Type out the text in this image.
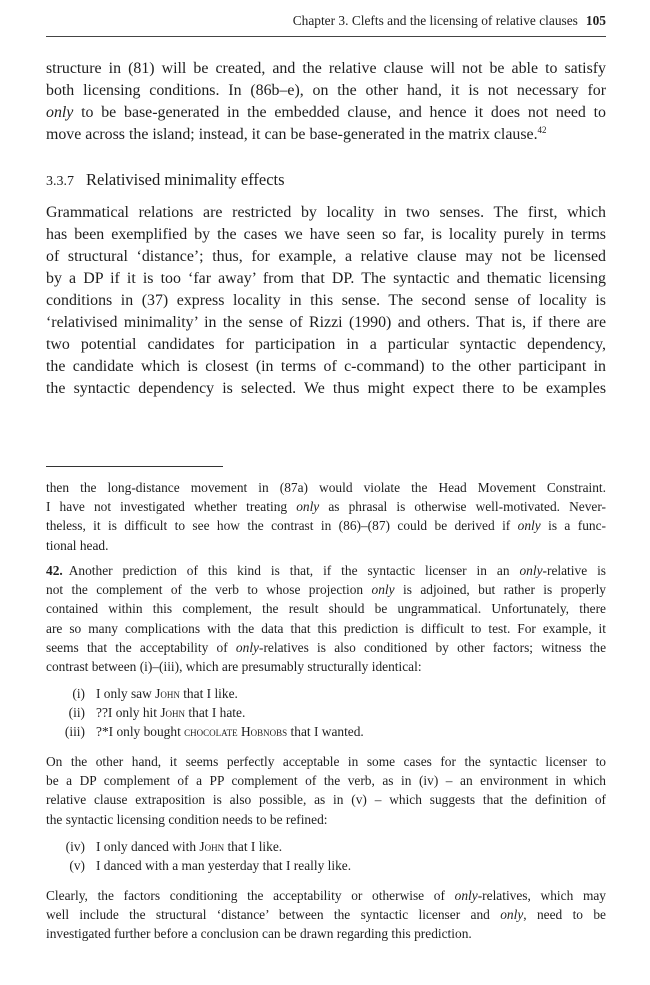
Chapter 3. Clefts and the licensing of relative clauses 105

structure in (81) will be created, and the relative clause will not be able to satisfy
both licensing conditions. In (86b–e), on the other hand, it is not necessary for
only to be base-generated in the embedded clause, and hence it does not need to
move across the island; instead, it can be base-generated in the matrix clause.$^{42}$

3.3.7 Relativised minimality effects

Grammatical relations are restricted by locality in two senses. The first, which
has been exemplified by the cases we have seen so far, is locality purely in terms
of structural ‘distance’; thus, for example, a relative clause may not be licensed
by a DP if it is too ‘far away’ from that DP. The syntactic and thematic licensing
conditions in (37) express locality in this sense. The second sense of locality is
‘relativised minimality’ in the sense of Rizzi (1990) and others. That is, if there are
two potential candidates for participation in a particular syntactic dependency,
the candidate which is closest (in terms of c-command) to the other participant in
the syntactic dependency is selected. We thus might expect there to be examples

then the long-distance movement in (87a) would violate the Head Movement Constraint.
I have not investigated whether treating only as phrasal is otherwise well-motivated. Never-
theless, it is difficult to see how the contrast in (86)–(87) could be derived if only is a func-
tional head.
42. Another prediction of this kind is that, if the syntactic licenser in an only-relative is
not the complement of the verb to whose projection only is adjoined, but rather is properly
contained within this complement, the result should be ungrammatical. Unfortunately, there
are so many complications with the data that this prediction is difficult to test. For example, it
seems that the acceptability of only-relatives is also conditioned by other factors; witness the
contrast between (i)–(iii), which are presumably structurally identical:
(i) I only saw John that I like.
(ii) ??I only hit John that I hate.
(iii) ?*I only bought chocolate Hobnobs that I wanted.
On the other hand, it seems perfectly acceptable in some cases for the syntactic licenser to
be a DP complement of a PP complement of the verb, as in (iv) – an environment in which
relative clause extraposition is also possible, as in (v) – which suggests that the definition of
the syntactic licensing condition needs to be refined:
(iv) I only danced with John that I like.
(v) I danced with a man yesterday that I really like.
Clearly, the factors conditioning the acceptability or otherwise of only-relatives, which may
well include the structural ‘distance’ between the syntactic licenser and only, need to be
investigated further before a conclusion can be drawn regarding this prediction.
